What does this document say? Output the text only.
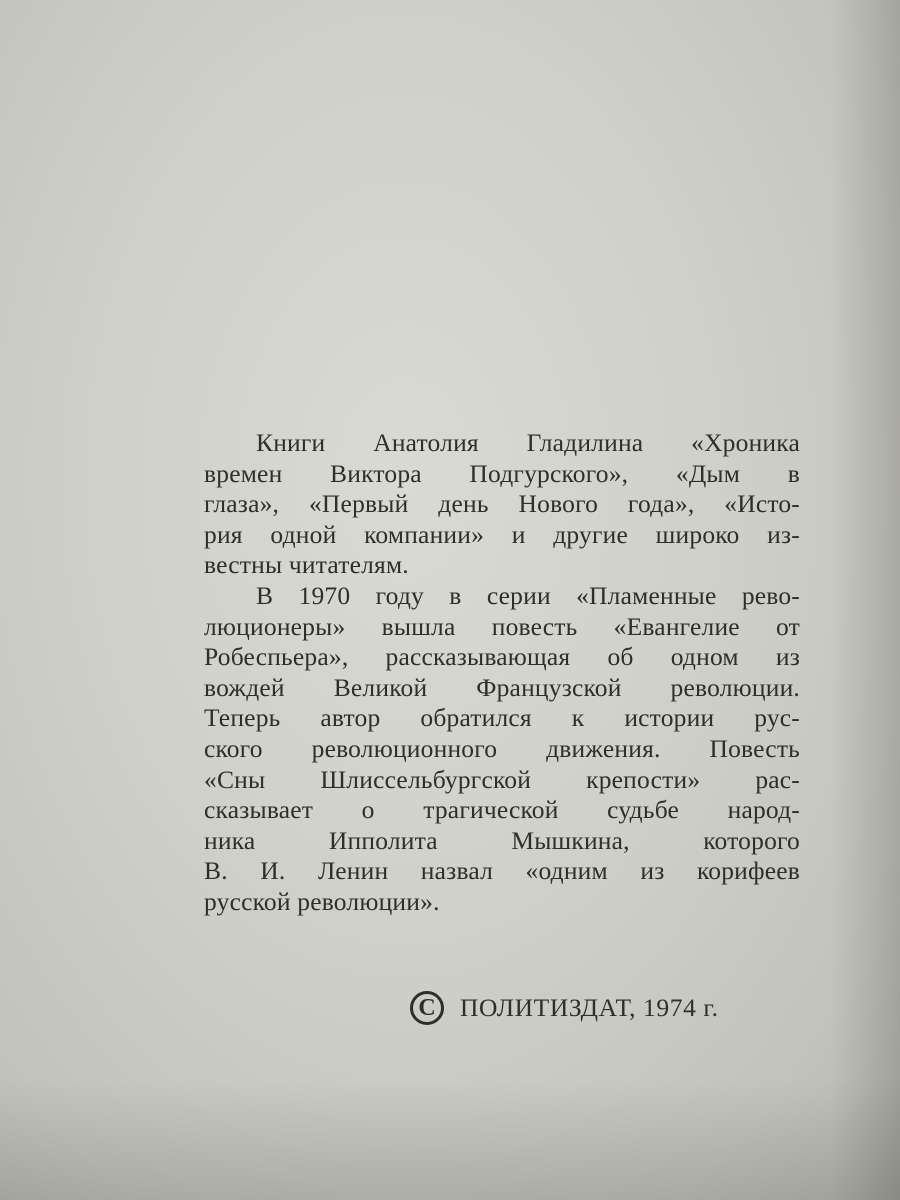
Книги Анатолия Гладилина «Хроника
времен Виктора Подгурского», «Дым в
глаза», «Первый день Нового года», «Исто-
рия одной компании» и другие широко из-
вестны читателям.
В 1970 году в серии «Пламенные рево-
люционеры» вышла повесть «Евангелие от
Робеспьера», рассказывающая об одном из
вождей Великой Французской революции.
Теперь автор обратился к истории рус-
ского революционного движения. Повесть
«Сны Шлиссельбургской крепости» рас-
сказывает о трагической судьбе народ-
ника Ипполита Мышкина, которого
В. И. Ленин назвал «одним из корифеев
русской революции».
C ПОЛИТИЗДАТ, 1974 г.
